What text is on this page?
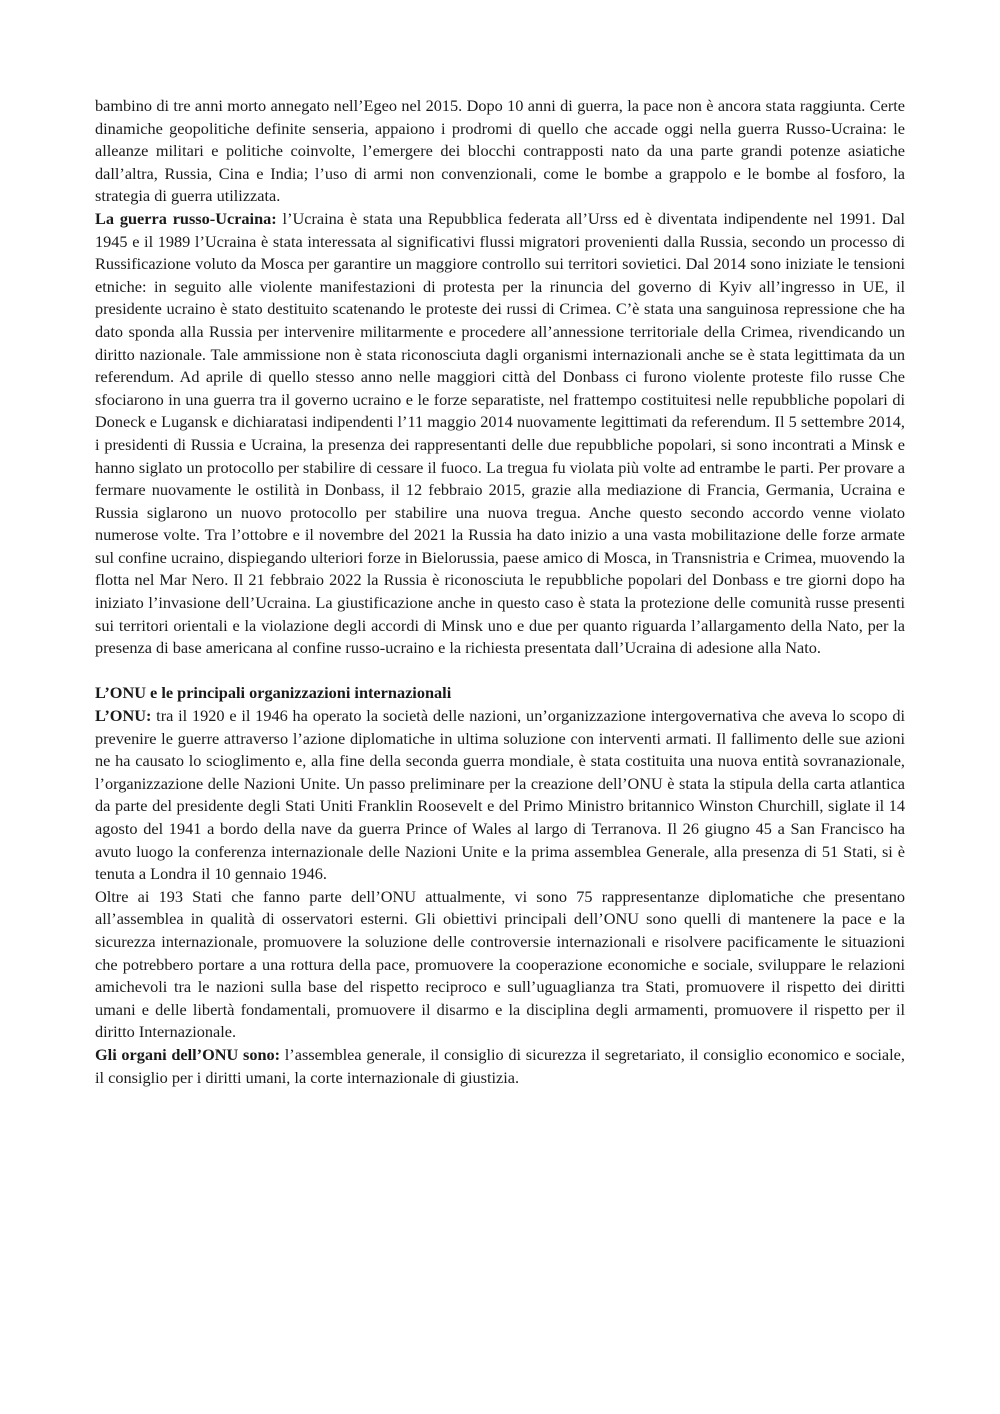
bambino di tre anni morto annegato nell’Egeo nel 2015. Dopo 10 anni di guerra, la pace non è ancora stata raggiunta. Certe dinamiche geopolitiche definite senseria, appaiono i prodromi di quello che accade oggi nella guerra Russo-Ucraina: le alleanze militari e politiche coinvolte, l’emergere dei blocchi contrapposti nato da una parte grandi potenze asiatiche dall’altra, Russia, Cina e India; l’uso di armi non convenzionali, come le bombe a grappolo e le bombe al fosforo, la strategia di guerra utilizzata.

La guerra russo-Ucraina: l’Ucraina è stata una Repubblica federata all’Urss ed è diventata indipendente nel 1991. Dal 1945 e il 1989 l’Ucraina è stata interessata al significativi flussi migratori provenienti dalla Russia, secondo un processo di Russificazione voluto da Mosca per garantire un maggiore controllo sui territori sovietici. Dal 2014 sono iniziate le tensioni etniche: in seguito alle violente manifestazioni di protesta per la rinuncia del governo di Kyiv all’ingresso in UE, il presidente ucraino è stato destituito scatenando le proteste dei russi di Crimea. C’è stata una sanguinosa repressione che ha dato sponda alla Russia per intervenire militarmente e procedere all’annessione territoriale della Crimea, rivendicando un diritto nazionale. Tale ammissione non è stata riconosciuta dagli organismi internazionali anche se è stata legittimata da un referendum. Ad aprile di quello stesso anno nelle maggiori città del Donbass ci furono violente proteste filo russe Che sfociarono in una guerra tra il governo ucraino e le forze separatiste, nel frattempo costituitesi nelle repubbliche popolari di Doneck e Lugansk e dichiaratasi indipendenti l’11 maggio 2014 nuovamente legittimati da referendum. Il 5 settembre 2014, i presidenti di Russia e Ucraina, la presenza dei rappresentanti delle due repubbliche popolari, si sono incontrati a Minsk e hanno siglato un protocollo per stabilire di cessare il fuoco. La tregua fu violata più volte ad entrambe le parti. Per provare a fermare nuovamente le ostilità in Donbass, il 12 febbraio 2015, grazie alla mediazione di Francia, Germania, Ucraina e Russia siglarono un nuovo protocollo per stabilire una nuova tregua. Anche questo secondo accordo venne violato numerose volte. Tra l’ottobre e il novembre del 2021 la Russia ha dato inizio a una vasta mobilitazione delle forze armate sul confine ucraino, dispiegando ulteriori forze in Bielorussia, paese amico di Mosca, in Transnistria e Crimea, muovendo la flotta nel Mar Nero. Il 21 febbraio 2022 la Russia è riconosciuta le repubbliche popolari del Donbass e tre giorni dopo ha iniziato l’invasione dell’Ucraina. La giustificazione anche in questo caso è stata la protezione delle comunità russe presenti sui territori orientali e la violazione degli accordi di Minsk uno e due per quanto riguarda l’allargamento della Nato, per la presenza di base americana al confine russo-ucraino e la richiesta presentata dall’Ucraina di adesione alla Nato.

L’ONU e le principali organizzazioni internazionali

L’ONU: tra il 1920 e il 1946 ha operato la società delle nazioni, un’organizzazione intergovernativa che aveva lo scopo di prevenire le guerre attraverso l’azione diplomatiche in ultima soluzione con interventi armati. Il fallimento delle sue azioni ne ha causato lo scioglimento e, alla fine della seconda guerra mondiale, è stata costituita una nuova entità sovranazionale, l’organizzazione delle Nazioni Unite. Un passo preliminare per la creazione dell’ONU è stata la stipula della carta atlantica da parte del presidente degli Stati Uniti Franklin Roosevelt e del Primo Ministro britannico Winston Churchill, siglate il 14 agosto del 1941 a bordo della nave da guerra Prince of Wales al largo di Terranova. Il 26 giugno 45 a San Francisco ha avuto luogo la conferenza internazionale delle Nazioni Unite e la prima assemblea Generale, alla presenza di 51 Stati, si è tenuta a Londra il 10 gennaio 1946.

Oltre ai 193 Stati che fanno parte dell’ONU attualmente, vi sono 75 rappresentanze diplomatiche che presentano all’assemblea in qualità di osservatori esterni. Gli obiettivi principali dell’ONU sono quelli di mantenere la pace e la sicurezza internazionale, promuovere la soluzione delle controversie internazionali e risolvere pacificamente le situazioni che potrebbero portare a una rottura della pace, promuovere la cooperazione economiche e sociale, sviluppare le relazioni amichevoli tra le nazioni sulla base del rispetto reciproco e sull’uguaglianza tra Stati, promuovere il rispetto dei diritti umani e delle libertà fondamentali, promuovere il disarmo e la disciplina degli armamenti, promuovere il rispetto per il diritto Internazionale.

Gli organi dell’ONU sono: l’assemblea generale, il consiglio di sicurezza il segretariato, il consiglio economico e sociale, il consiglio per i diritti umani, la corte internazionale di giustizia.
